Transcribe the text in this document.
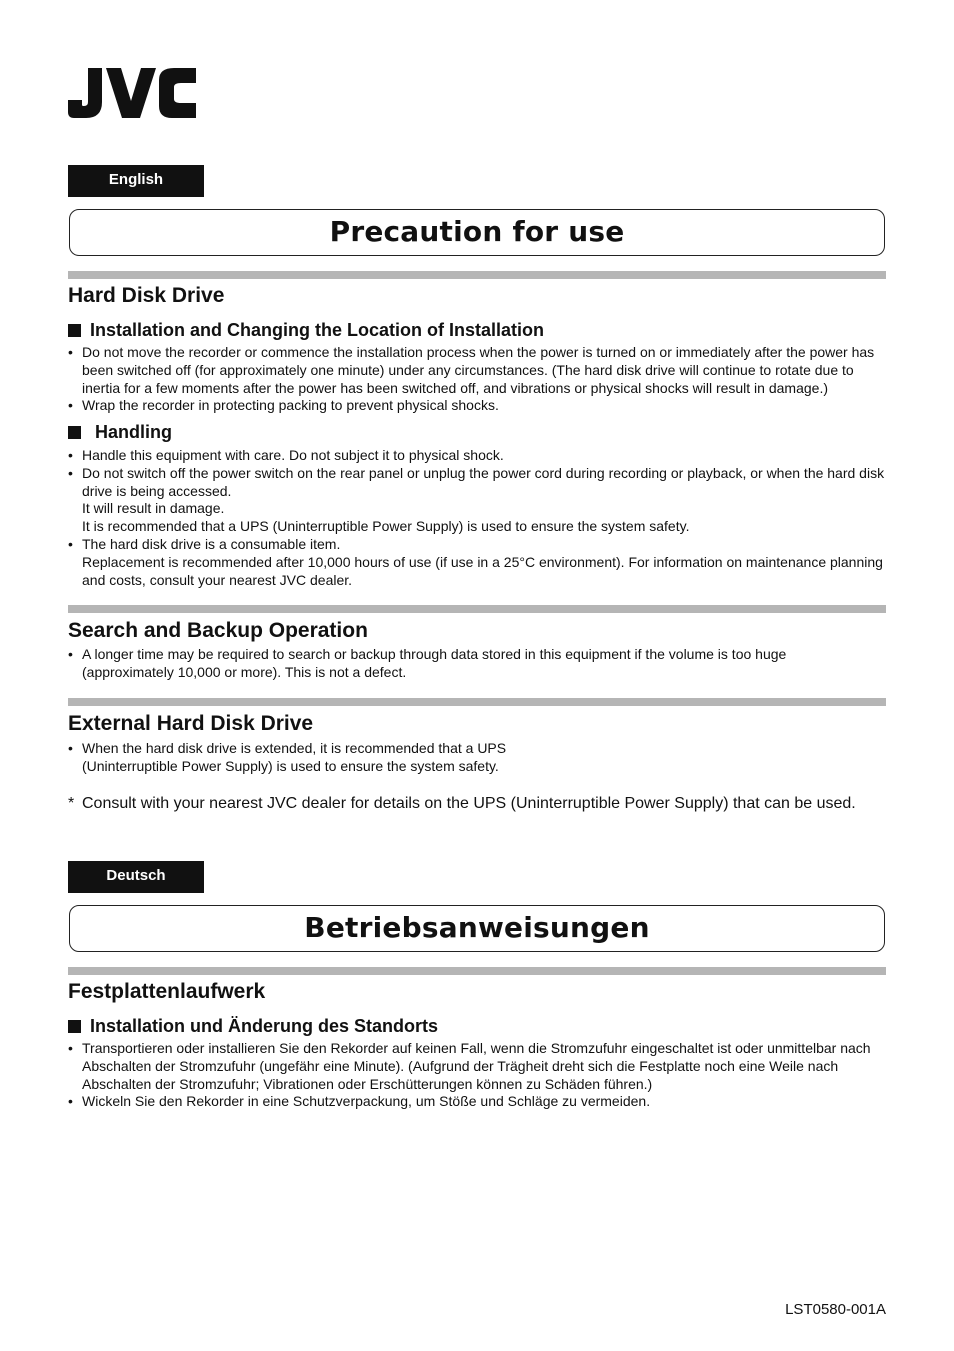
English
Precaution for use
Hard Disk Drive
Installation and Changing the Location of Installation
• Do not move the recorder or commence the installation process when the power is turned on or immediately after the power has been switched off (for approximately one minute) under any circumstances. (The hard disk drive will continue to rotate due to inertia for a few moments after the power has been switched off, and vibrations or physical shocks will result in damage.)
• Wrap the recorder in protecting packing to prevent physical shocks.
Handling
• Handle this equipment with care. Do not subject it to physical shock.
• Do not switch off the power switch on the rear panel or unplug the power cord during recording or playback, or when the hard disk drive is being accessed.
It will result in damage.
It is recommended that a UPS (Uninterruptible Power Supply) is used to ensure the system safety.
• The hard disk drive is a consumable item.
Replacement is recommended after 10,000 hours of use (if use in a 25°C environment). For information on maintenance planning and costs, consult your nearest JVC dealer.
Search and Backup Operation
• A longer time may be required to search or backup through data stored in this equipment if the volume is too huge
(approximately 10,000 or more). This is not a defect.
External Hard Disk Drive
• When the hard disk drive is extended, it is recommended that a UPS
(Uninterruptible Power Supply) is used to ensure the system safety.
* Consult with your nearest JVC dealer for details on the UPS (Uninterruptible Power Supply) that can be used.
Deutsch
Betriebsanweisungen
Festplattenlaufwerk
Installation und Änderung des Standorts
• Transportieren oder installieren Sie den Rekorder auf keinen Fall, wenn die Stromzufuhr eingeschaltet ist oder unmittelbar nach Abschalten der Stromzufuhr (ungefähr eine Minute). (Aufgrund der Trägheit dreht sich die Festplatte noch eine Weile nach Abschalten der Stromzufuhr; Vibrationen oder Erschütterungen können zu Schäden führen.)
• Wickeln Sie den Rekorder in eine Schutzverpackung, um Stöße und Schläge zu vermeiden.
LST0580-001A
